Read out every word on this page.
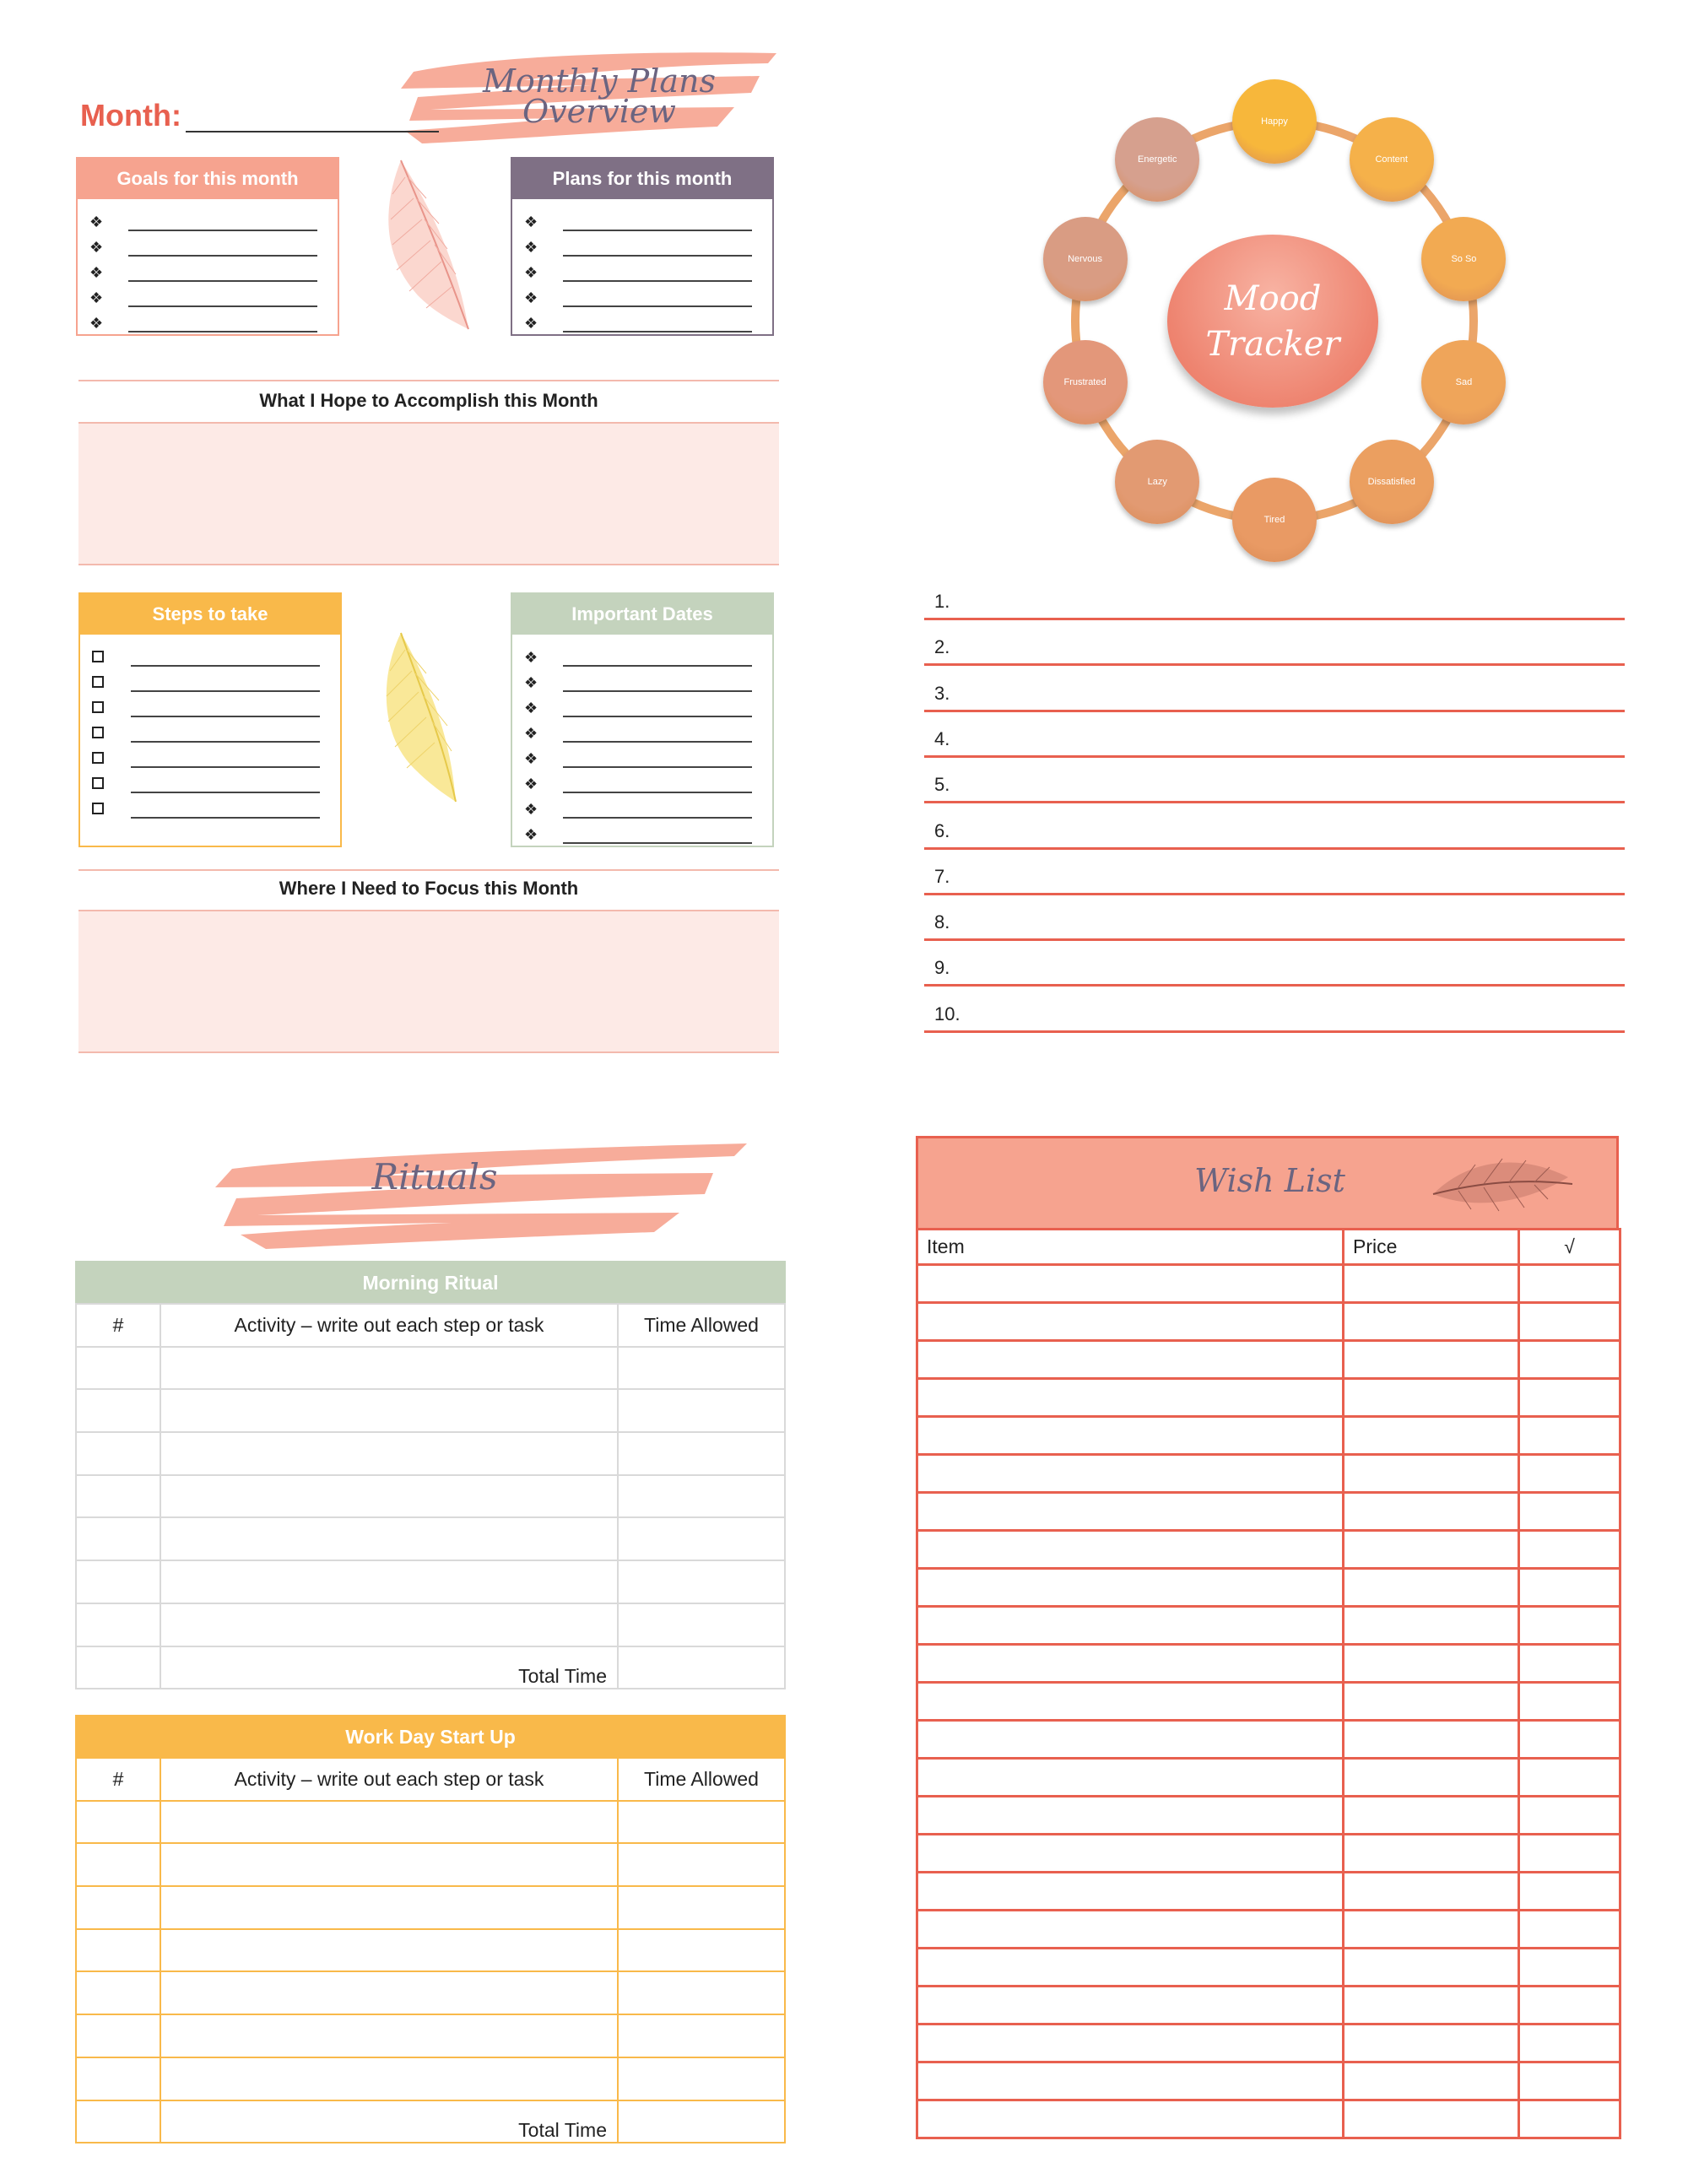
Monthly Plans
Overview
Month:
Goals for this month
❖
❖
❖
❖
❖
Plans for this month
❖
❖
❖
❖
❖
What I Hope to Accomplish this Month
Steps to take	Important Dates
❖
❖
❖
❖
❖
❖
❖
❖
Where I Need to Focus this Month
Happy
Content
So So
Sad
Dissatisfied
Tired
Lazy
Frustrated
Nervous
Energetic
Mood
Tracker
1.
2.
3.
4.
5.
6.
7.
8.
9.
10.
Rituals
Morning Ritual		
#	Activity – write out each step or task	Time Allowed

	Total Time	
Work Day Start Up		
#	Activity – write out each step or task	Time Allowed

	Total Time	
Wish List
Item	Price	√
